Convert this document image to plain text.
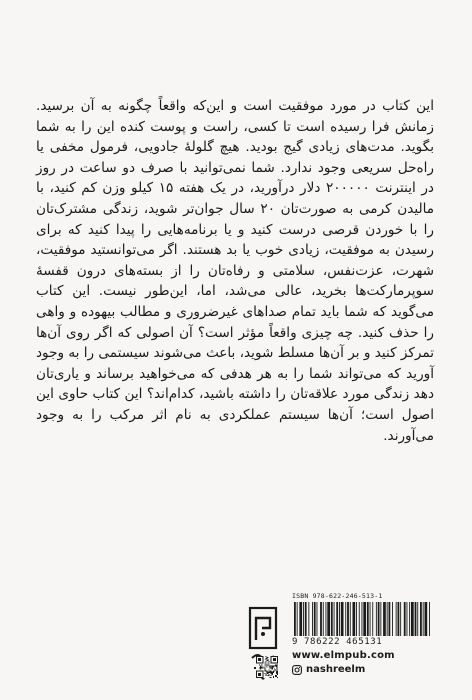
این کتاب در مورد موفقیت است و این‌که واقعاً چگونه به آن برسید. زمانش فرا رسیده است تا کسی، راست و پوست کنده این را به شما بگوید. مدت‌های زیادی گیج بودید. هیچ گلولهٔ جادویی، فرمول مخفی یا راه‌حل سریعی وجود ندارد. شما نمی‌توانید با صرف دو ساعت در روز در اینترنت ۲۰۰۰۰۰ دلار درآورید، در یک هفته ۱۵ کیلو وزن کم کنید، با مالیدن کرمی به صورت‌تان ۲۰ سال جوان‌تر شوید، زندگی مشترک‌تان را با خوردن قرصی درست کنید و یا برنامه‌هایی را پیدا کنید که برای رسیدن به موفقیت، زیادی خوب یا بد هستند. اگر می‌توانستید موفقیت، شهرت، عزت‌نفس، سلامتی و رفاه‌تان را از بسته‌های درون قفسهٔ سوپرمارکت‌ها بخرید، عالی می‌شد، اما، این‌طور نیست. این کتاب می‌گوید که شما باید تمام صداهای غیرضروری و مطالب بیهوده و واهی را حذف کنید. چه چیزی واقعاً مؤثر است؟ آن اصولی که اگر روی آن‌ها تمرکز کنید و بر آن‌ها مسلط شوید، باعث می‌شوند سیستمی را به وجود آورید که می‌تواند شما را به هر هدفی که می‌خواهید برساند و یاری‌تان دهد زندگی مورد علاقه‌تان را داشته باشید، کدام‌اند؟ این کتاب حاوی این اصول است؛ آن‌ها سیستم عملکردی به نام اثر مرکب را به وجود می‌آورند.

ISBN 978-622-246-513-1
9 786222 465131
www.elmpub.com
nashreelm
